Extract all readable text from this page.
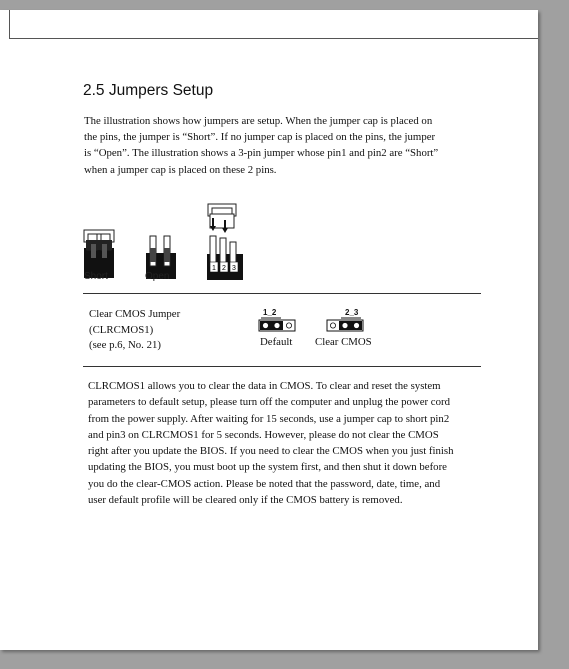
2.5 Jumpers Setup
The illustration shows how jumpers are setup. When the jumper cap is placed on the pins, the jumper is “Short”. If no jumper cap is placed on the pins, the jumper is “Open”. The illustration shows a 3-pin jumper whose pin1 and pin2 are “Short” when a jumper cap is placed on these 2 pins.
1 2 3
Short	Open
Clear CMOS Jumper
(CLRCMOS1)
(see p.6, No. 21)
1_2	2_3
Default Clear CMOS
CLRCMOS1 allows you to clear the data in CMOS. To clear and reset the system parameters to default setup, please turn off the computer and unplug the power cord from the power supply. After waiting for 15 seconds, use a jumper cap to short pin2 and pin3 on CLRCMOS1 for 5 seconds. However, please do not clear the CMOS right after you update the BIOS. If you need to clear the CMOS when you just finish updating the BIOS, you must boot up the system first, and then shut it down before you do the clear-CMOS action. Please be noted that the password, date, time, and user default profile will be cleared only if the CMOS battery is removed.
